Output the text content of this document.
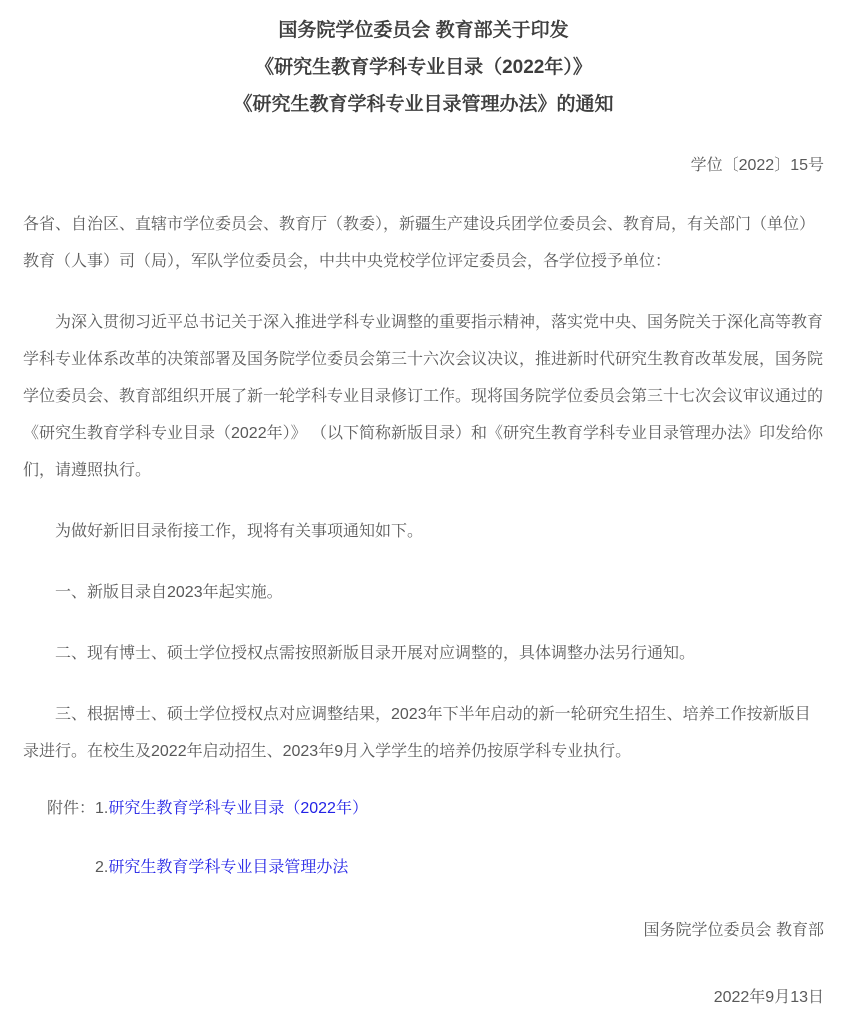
国务院学位委员会 教育部关于印发
《研究生教育学科专业目录（2022年）》
《研究生教育学科专业目录管理办法》的通知
学位〔2022〕15号

各省、自治区、直辖市学位委员会、教育厅（教委），新疆生产建设兵团学位委员会、教育局，有关部门（单位）教育（人事）司（局），军队学位委员会，中共中央党校学位评定委员会，各学位授予单位：

为深入贯彻习近平总书记关于深入推进学科专业调整的重要指示精神，落实党中央、国务院关于深化高等教育学科专业体系改革的决策部署及国务院学位委员会第三十六次会议决议，推进新时代研究生教育改革发展，国务院学位委员会、教育部组织开展了新一轮学科专业目录修订工作。现将国务院学位委员会第三十七次会议审议通过的《研究生教育学科专业目录（2022年）》 （以下简称新版目录）和《研究生教育学科专业目录管理办法》印发给你们，请遵照执行。

为做好新旧目录衔接工作，现将有关事项通知如下。

一、新版目录自2023年起实施。

二、现有博士、硕士学位授权点需按照新版目录开展对应调整的，具体调整办法另行通知。

三、根据博士、硕士学位授权点对应调整结果，2023年下半年启动的新一轮研究生招生、培养工作按新版目录进行。在校生及2022年启动招生、2023年9月入学学生的培养仍按原学科专业执行。

附件：1.研究生教育学科专业目录（2022年）

2.研究生教育学科专业目录管理办法

国务院学位委员会 教育部
2022年9月13日
